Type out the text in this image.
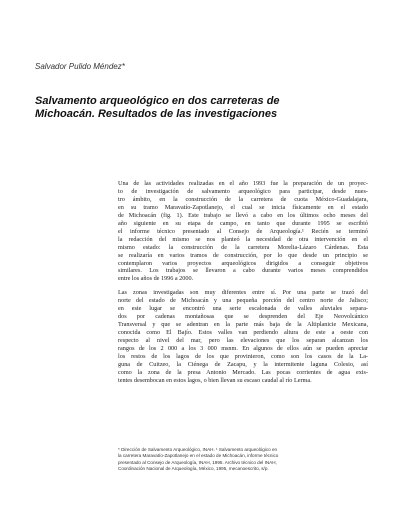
Salvador Pulido Méndez*
Salvamento arqueológico en dos carreteras de
Michoacán. Resultados de las investigaciones

Una de las actividades realizadas en el año 1993 fue la preparación de un proyec-
to de investigación de salvamento arqueológico para participar, desde nues-
tro ámbito, en la construcción de la carretera de cuota México-Guadalajara,
en su tramo Maravatío-Zapotlanejo, el cual se inicia físicamente en el estado
de Michoacán (fig. 1). Este trabajo se llevó a cabo en los últimos ocho meses del
año siguiente en su etapa de campo, en tanto que durante 1995 se escribió
el informe técnico presentado al Consejo de Arqueología.¹ Recién se terminó
la redacción del mismo se nos planteó la necesidad de otra intervención en el
mismo estado: la construcción de la carretera Morelia-Lázaro Cárdenas. Ésta
se realizaría en varios tramos de construcción, por lo que desde un principio se
contemplaron varios proyectos arqueológicos dirigidos a conseguir objetivos
similares. Los trabajos se llevaron a cabo durante varios meses comprendidos
entre los años de 1996 a 2000.

Las zonas investigadas son muy diferentes entre sí. Por una parte se trazó del
norte del estado de Michoacán y una pequeña porción del centro norte de Jalisco;
en este lugar se encontró una serie escalonada de valles aluviales separa-
dos por cadenas montañosas que se desprenden del Eje Neovolcánico
Transversal y que se adentran en la parte más baja de la Altiplanicie Mexicana,
conocida como El Bajío. Estos valles van perdiendo altura de este a oeste con
respecto al nivel del mar, pero las elevaciones que los separan alcanzan los
rangos de los 2 000 a los 3 000 msnm. En algunos de ellos aún se pueden apreciar
los restos de los lagos de los que provinieron, como son los casos de la La-
guna de Cuitzeo, la Ciénega de Zacapu, y la intermitente laguna Colesio, así
como la zona de la presa Antonio Mercado. Las pocas corrientes de agua exis-
tentes desembocan en estos lagos, o bien llevan su escaso caudal al río Lerma.

* Dirección de Salvamento Arqueológico, INAH. ¹ Salvamento arqueológico en
la carretera Maravatío-Zapotlanejo en el estado de Michoacán, informe técnico
presentado al Consejo de Arqueología, INAH, 1995. Archivo técnico del INAH,
Coordinación Nacional de Arqueología, México, 1995, mecanoescrito, s/p.
